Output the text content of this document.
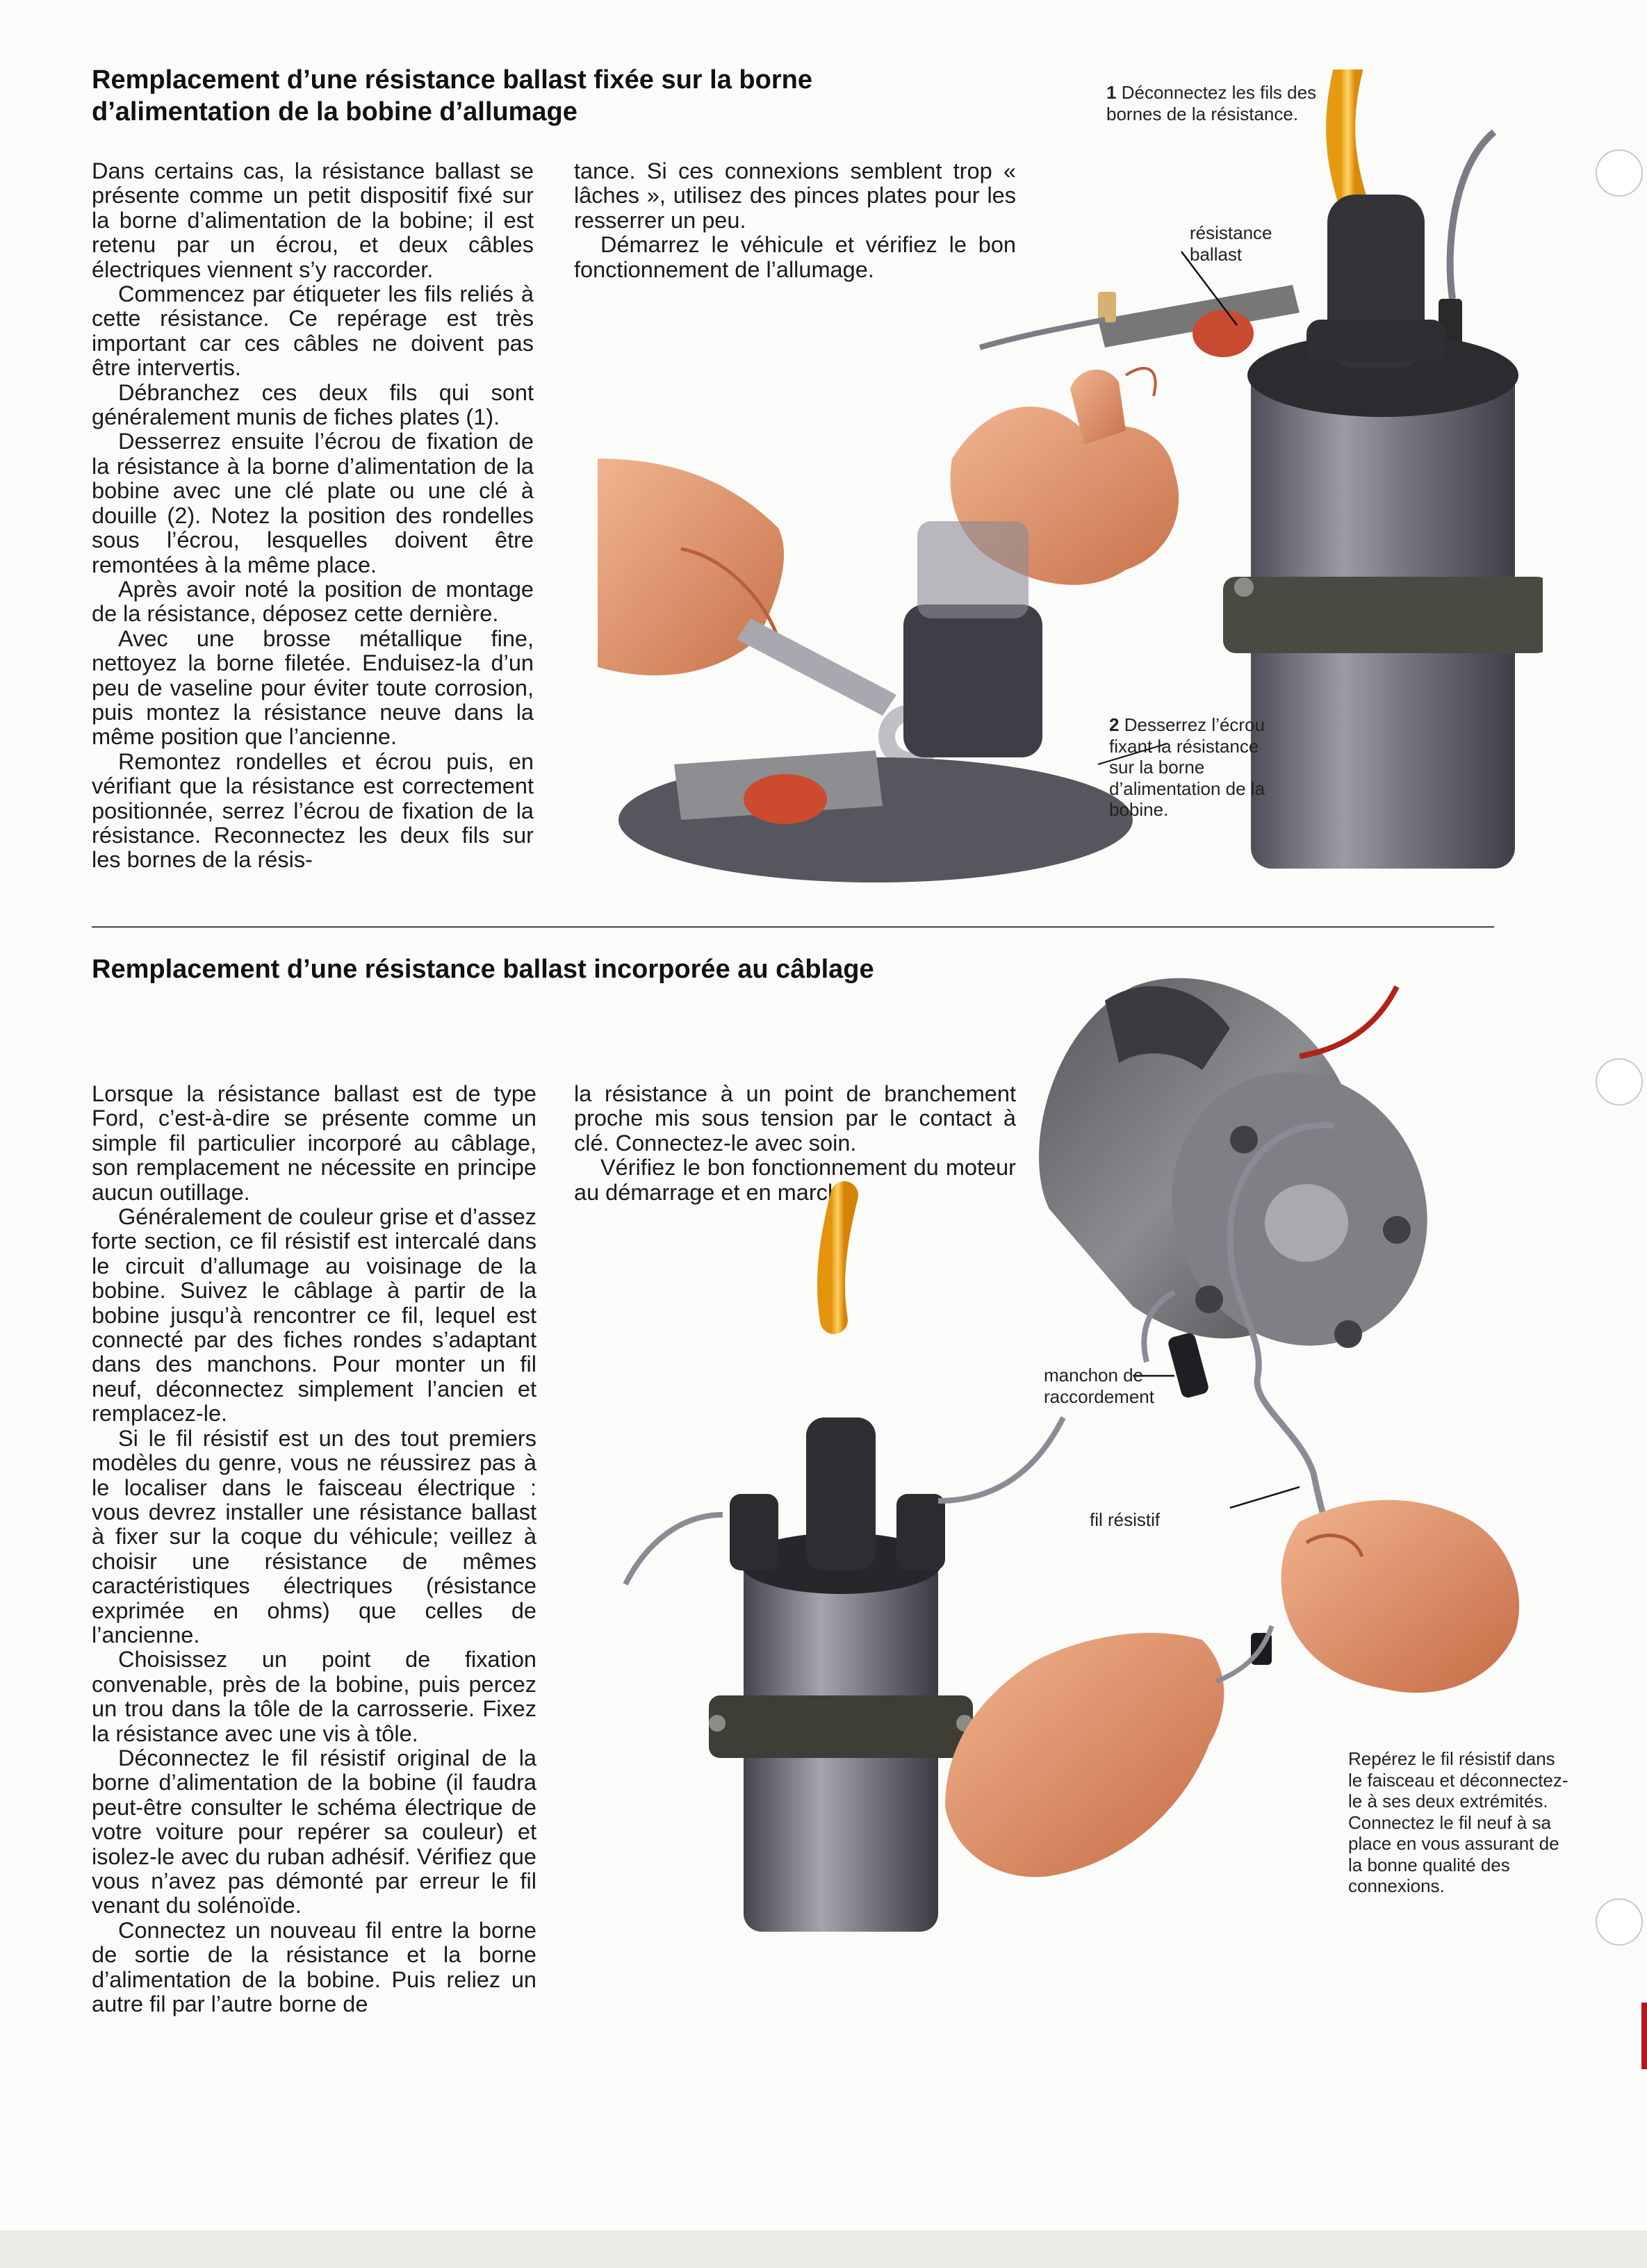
Remplacement d’une résistance ballast fixée sur la borne
d’alimentation de la bobine d’allumage

Dans certains cas, la résistance ballast se présente comme un petit dispositif fixé sur la borne d’alimentation de la bobine; il est retenu par un écrou, et deux câbles électriques viennent s’y raccorder.

Commencez par étiqueter les fils reliés à cette résistance. Ce repérage est très important car ces câbles ne doivent pas être intervertis.

Débranchez ces deux fils qui sont généralement munis de fiches plates (1).

Desserrez ensuite l’écrou de fixation de la résistance à la borne d’alimentation de la bobine avec une clé plate ou une clé à douille (2). Notez la position des rondelles sous l’écrou, lesquelles doivent être remontées à la même place.

Après avoir noté la position de montage de la résistance, déposez cette dernière.

Avec une brosse métallique fine, nettoyez la borne filetée. Enduisez-la d’un peu de vaseline pour éviter toute corrosion, puis montez la résistance neuve dans la même position que l’ancienne.

Remontez rondelles et écrou puis, en vérifiant que la résistance est correctement positionnée, serrez l’écrou de fixation de la résistance. Reconnectez les deux fils sur les bornes de la résis-

tance. Si ces connexions semblent trop « lâches », utilisez des pinces plates pour les resserrer un peu.

Démarrez le véhicule et vérifiez le bon fonctionnement de l’allumage.

1 Déconnectez les fils des bornes de la résistance.
résistance ballast
2 Desserrez l’écrou fixant la résistance sur la borne d’alimentation de la bobine.
Remplacement d’une résistance ballast incorporée au câblage

Lorsque la résistance ballast est de type Ford, c’est-à-dire se présente comme un simple fil particulier incorporé au câblage, son remplacement ne nécessite en principe aucun outillage.

Généralement de couleur grise et d’assez forte section, ce fil résistif est intercalé dans le circuit d’allumage au voisinage de la bobine. Suivez le câblage à partir de la bobine jusqu’à rencontrer ce fil, lequel est connecté par des fiches rondes s’adaptant dans des manchons. Pour monter un fil neuf, déconnectez simplement l’ancien et remplacez-le.

Si le fil résistif est un des tout premiers modèles du genre, vous ne réussirez pas à le localiser dans le faisceau électrique : vous devrez installer une résistance ballast à fixer sur la coque du véhicule; veillez à choisir une résistance de mêmes caractéristiques électriques (résistance exprimée en ohms) que celles de l’ancienne.

Choisissez un point de fixation convenable, près de la bobine, puis percez un trou dans la tôle de la carrosserie. Fixez la résistance avec une vis à tôle.

Déconnectez le fil résistif original de la borne d’alimentation de la bobine (il faudra peut-être consulter le schéma électrique de votre voiture pour repérer sa couleur) et isolez-le avec du ruban adhésif. Vérifiez que vous n’avez pas démonté par erreur le fil venant du solénoïde.

Connectez un nouveau fil entre la borne de sortie de la résistance et la borne d’alimentation de la bobine. Puis reliez un autre fil par l’autre borne de

la résistance à un point de branchement proche mis sous tension par le contact à clé. Connectez-le avec soin.

Vérifiez le bon fonctionnement du moteur au démarrage et en marche.

manchon de raccordement
fil résistif
Repérez le fil résistif dans le faisceau et déconnectez-le à ses deux extrémités. Connectez le fil neuf à sa place en vous assurant de la bonne qualité des connexions.
